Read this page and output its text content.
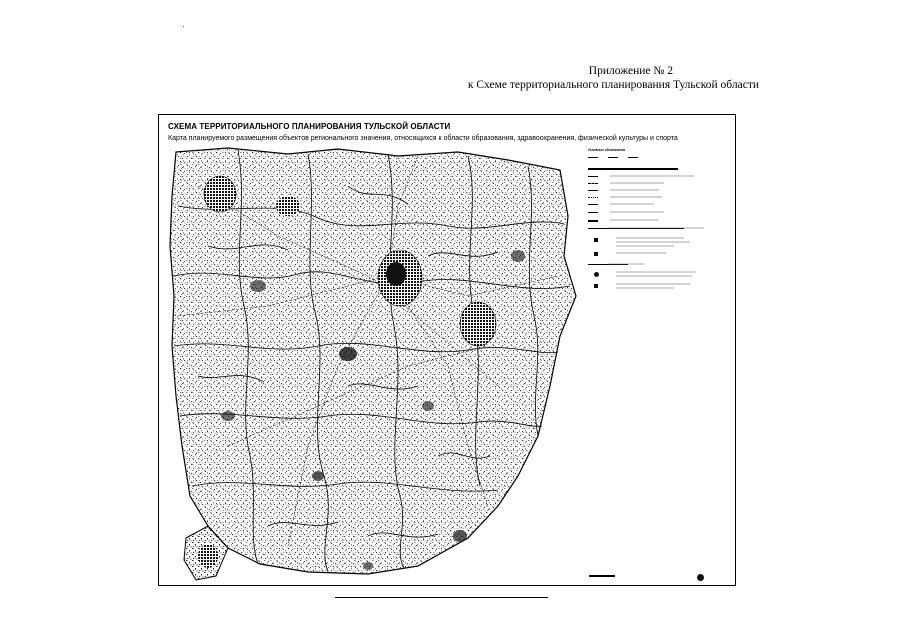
Приложение № 2
к Схеме территориального планирования Тульской области
СХЕМА ТЕРРИТОРИАЛЬНОГО ПЛАНИРОВАНИЯ ТУЛЬСКОЙ ОБЛАСТИ
Карта планируемого размещения объектов регионального значения, относящихся к области образования, здравоохранения, физической культуры и спорта
Условные обозначения
